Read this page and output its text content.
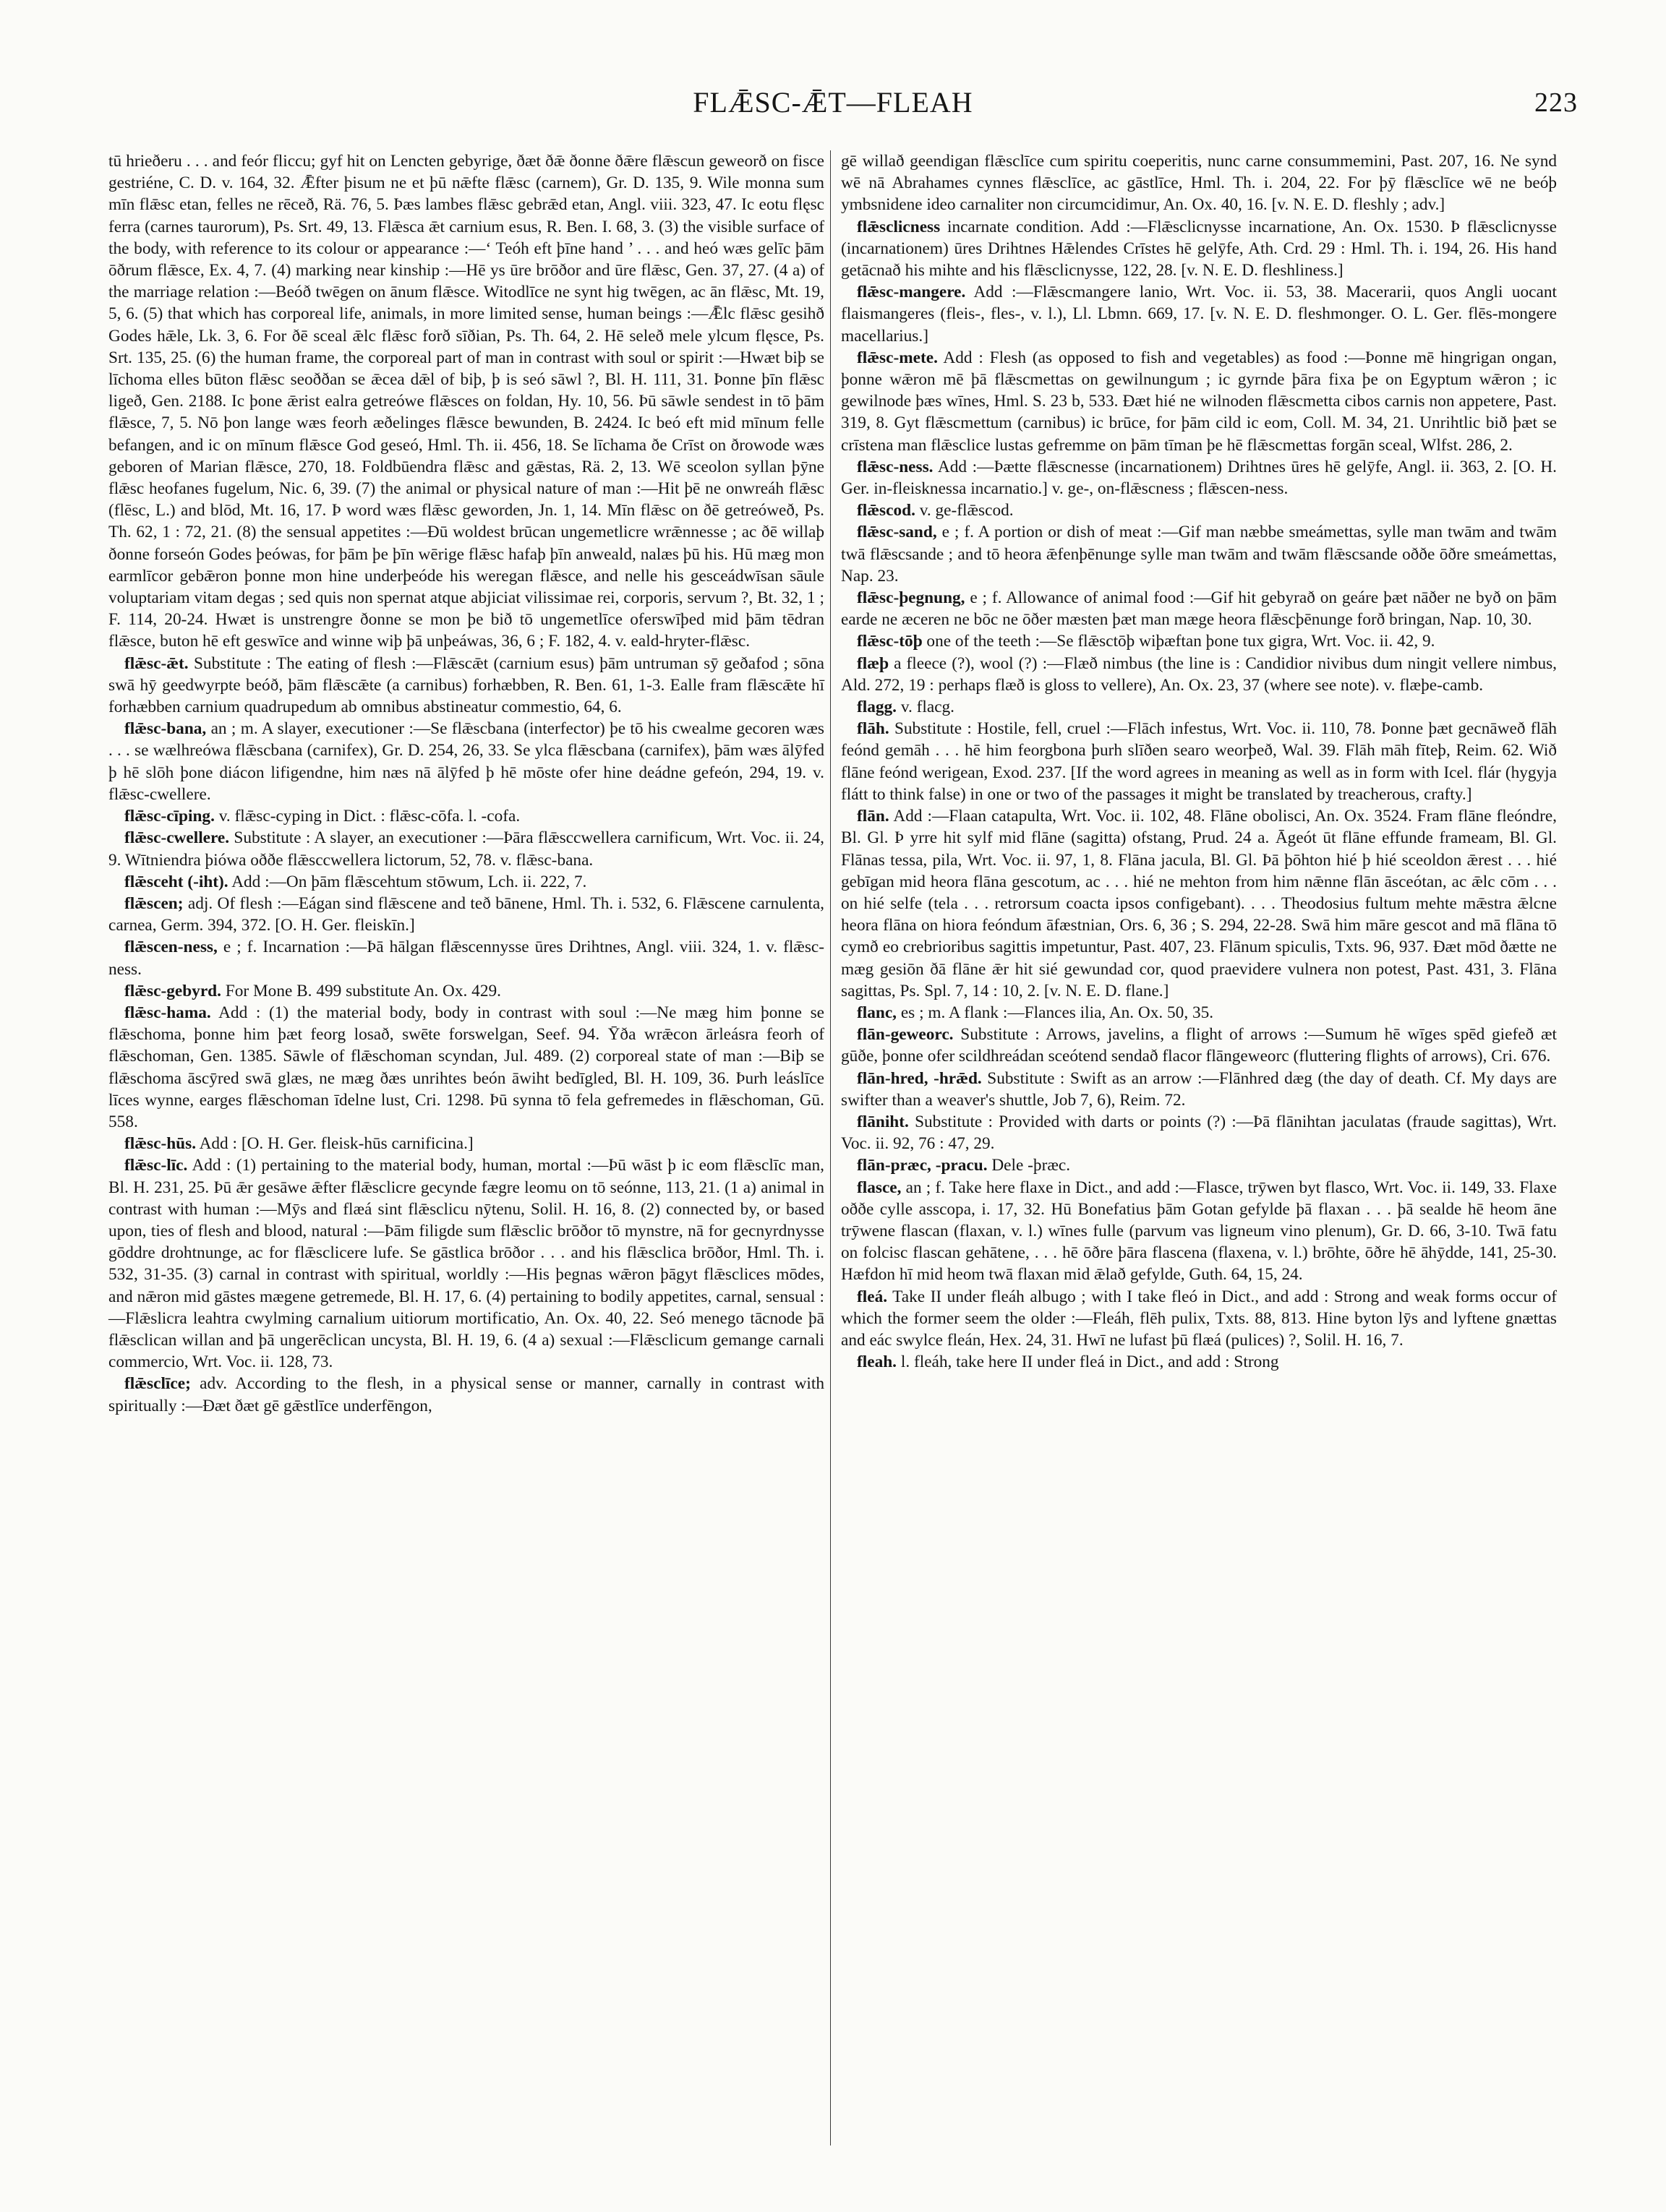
FLǢSC-ǢT—FLEAH	223

tū hrieðeru . . . and feór fliccu; gyf hit on Lencten gebyrige, ðæt ðǣ ðonne ðǣre flǣscun geweorð on fisce gestriéne, C. D. v. 164, 32. Ǣfter þisum ne et þū nǣfte flǣsc (carnem), Gr. D. 135, 9. Wile monna sum mīn flǣsc etan, felles ne rēceð, Rä. 76, 5. Þæs lambes flǣsc gebrǣd etan, Angl. viii. 323, 47. Ic eotu flęsc ferra (carnes taurorum), Ps. Srt. 49, 13. Flǣsca ǣt carnium esus, R. Ben. I. 68, 3. (3) the visible surface of the body, with reference to its colour or appearance :—‘ Teóh eft þīne hand ’ . . . and heó wæs gelīc þām ōðrum flǣsce, Ex. 4, 7. (4) marking near kinship :—Hē ys ūre brōðor and ūre flǣsc, Gen. 37, 27. (4 a) of the marriage relation :—Beóð twēgen on ānum flǣsce. Witodlīce ne synt hig twēgen, ac ān flǣsc, Mt. 19, 5, 6. (5) that which has corporeal life, animals, in more limited sense, human beings :—Ǣlc flǣsc gesihð Godes hǣle, Lk. 3, 6. For ðē sceal ǣlc flǣsc forð sīðian, Ps. Th. 64, 2. Hē seleð mele ylcum flęsce, Ps. Srt. 135, 25. (6) the human frame, the corporeal part of man in contrast with soul or spirit :—Hwæt biþ se līchoma elles būton flǣsc seoððan se ǣcea dǣl of biþ, þ is seó sāwl ?, Bl. H. 111, 31. Þonne þīn flǣsc ligeð, Gen. 2188. Ic þone ǣrist ealra getreówe flǣsces on foldan, Hy. 10, 56. Þū sāwle sendest in tō þām flǣsce, 7, 5. Nō þon lange wæs feorh æðelinges flǣsce bewunden, B. 2424. Ic beó eft mid mīnum felle befangen, and ic on mīnum flǣsce God geseó, Hml. Th. ii. 456, 18. Se līchama ðe Crīst on ðrowode wæs geboren of Marian flǣsce, 270, 18. Foldbūendra flǣsc and gǣstas, Rä. 2, 13. Wē sceolon syllan þȳne flǣsc heofanes fugelum, Nic. 6, 39. (7) the animal or physical nature of man :—Hit þē ne onwreáh flǣsc (flēsc, L.) and blōd, Mt. 16, 17. Þ word wæs flǣsc geworden, Jn. 1, 14. Mīn flǣsc on ðē getreóweð, Ps. Th. 62, 1 : 72, 21. (8) the sensual appetites :—Ðū woldest brūcan ungemetlicre wrǣnnesse ; ac ðē willaþ ðonne forseón Godes þeówas, for þām þe þīn wērige flǣsc hafaþ þīn anweald, nalæs þū his. Hū mæg mon earmlīcor gebǣron þonne mon hine underþeóde his weregan flǣsce, and nelle his gesceádwīsan sāule voluptariam vitam degas ; sed quis non spernat atque abjiciat vilissimae rei, corporis, servum ?, Bt. 32, 1 ; F. 114, 20-24. Hwæt is unstrengre ðonne se mon þe bið tō ungemetlīce oferswīþed mid þām tēdran flǣsce, buton hē eft geswīce and winne wiþ þā unþeáwas, 36, 6 ; F. 182, 4. v. eald-hryter-flǣsc.

flǣsc-ǣt. Substitute : The eating of flesh :—Flǣscǣt (carnium esus) þām untruman sȳ geðafod ; sōna swā hȳ geedwyrpte beóð, þām flǣscǣte (a carnibus) forhæbben, R. Ben. 61, 1-3. Ealle fram flǣscǣte hī forhæbben carnium quadrupedum ab omnibus abstineatur commestio, 64, 6.

flǣsc-bana, an ; m. A slayer, executioner :—Se flǣscbana (interfector) þe tō his cwealme gecoren wæs . . . se wælhreówa flǣscbana (carnifex), Gr. D. 254, 26, 33. Se ylca flǣscbana (carnifex), þām wæs ālȳfed þ hē slōh þone diácon lifigendne, him næs nā ālȳfed þ hē mōste ofer hine deádne gefeón, 294, 19. v. flǣsc-cwellere.

flǣsc-cīping. v. flǣsc-cyping in Dict. : flǣsc-cōfa. l. -cofa.

flǣsc-cwellere. Substitute : A slayer, an executioner :—Þāra flǣsccwellera carnificum, Wrt. Voc. ii. 24, 9. Wītniendra þiówa oððe flǣsccwellera lictorum, 52, 78. v. flǣsc-bana.

flǣsceht (-iht). Add :—On þām flǣscehtum stōwum, Lch. ii. 222, 7.

flǣscen; adj. Of flesh :—Eágan sind flǣscene and teð bānene, Hml. Th. i. 532, 6. Flǣscene carnulenta, carnea, Germ. 394, 372. [O. H. Ger. fleiskīn.]

flǣscen-ness, e ; f. Incarnation :—Þā hālgan flǣscennysse ūres Drihtnes, Angl. viii. 324, 1. v. flǣsc-ness.

flǣsc-gebyrd. For Mone B. 499 substitute An. Ox. 429.

flǣsc-hama. Add : (1) the material body, body in contrast with soul :—Ne mæg him þonne se flǣschoma, þonne him þæt feorg losað, swēte forswelgan, Seef. 94. Ȳða wrǣcon ārleásra feorh of flǣschoman, Gen. 1385. Sāwle of flǣschoman scyndan, Jul. 489. (2) corporeal state of man :—Biþ se flǣschoma āscȳred swā glæs, ne mæg ðæs unrihtes beón āwiht bedīgled, Bl. H. 109, 36. Þurh leáslīce līces wynne, earges flǣschoman īdelne lust, Cri. 1298. Þū synna tō fela gefremedes in flǣschoman, Gū. 558.

flǣsc-hūs. Add : [O. H. Ger. fleisk-hūs carnificina.]

flǣsc-līc. Add : (1) pertaining to the material body, human, mortal :—Þū wāst þ ic eom flǣsclīc man, Bl. H. 231, 25. Þū ǣr gesāwe ǣfter flǣsclicre gecynde fægre leomu on tō seónne, 113, 21. (1 a) animal in contrast with human :—Mȳs and flæá sint flǣsclicu nȳtenu, Solil. H. 16, 8. (2) connected by, or based upon, ties of flesh and blood, natural :—Þām filigde sum flǣsclic brōðor tō mynstre, nā for gecnyrdnysse gōddre drohtnunge, ac for flǣsclicere lufe. Se gāstlica brōðor . . . and his flǣsclica brōðor, Hml. Th. i. 532, 31-35. (3) carnal in contrast with spiritual, worldly :—His þegnas wǣron þāgyt flǣsclices mōdes, and nǣron mid gāstes mægene getremede, Bl. H. 17, 6. (4) pertaining to bodily appetites, carnal, sensual :—Flǣslicra leahtra cwylming carnalium uitiorum mortificatio, An. Ox. 40, 22. Seó menego tācnode þā flǣsclican willan and þā ungerēclican uncysta, Bl. H. 19, 6. (4 a) sexual :—Flǣsclicum gemange carnali commercio, Wrt. Voc. ii. 128, 73.

flǣsclīce; adv. According to the flesh, in a physical sense or manner, carnally in contrast with spiritually :—Ðæt ðæt gē gǣstlīce underfēngon,

gē willað geendigan flǣsclīce cum spiritu coeperitis, nunc carne consummemini, Past. 207, 16. Ne synd wē nā Abrahames cynnes flǣsclīce, ac gāstlīce, Hml. Th. i. 204, 22. For þȳ flǣsclīce wē ne beóþ ymbsnidene ideo carnaliter non circumcidimur, An. Ox. 40, 16. [v. N. E. D. fleshly ; adv.]

flǣsclicness incarnate condition. Add :—Flǣsclicnysse incarnatione, An. Ox. 1530. Þ flǣsclicnysse (incarnationem) ūres Drihtnes Hǣlendes Crīstes hē gelȳfe, Ath. Crd. 29 : Hml. Th. i. 194, 26. His hand getācnað his mihte and his flǣsclicnysse, 122, 28. [v. N. E. D. fleshliness.]

flǣsc-mangere. Add :—Flǣscmangere lanio, Wrt. Voc. ii. 53, 38. Macerarii, quos Angli uocant flaismangeres (fleis-, fles-, v. l.), Ll. Lbmn. 669, 17. [v. N. E. D. fleshmonger. O. L. Ger. flēs-mongere macellarius.]

flǣsc-mete. Add : Flesh (as opposed to fish and vegetables) as food :—Þonne mē hingrigan ongan, þonne wǣron mē þā flǣscmettas on gewilnungum ; ic gyrnde þāra fixa þe on Egyptum wǣron ; ic gewilnode þæs wīnes, Hml. S. 23 b, 533. Ðæt hié ne wilnoden flǣscmetta cibos carnis non appetere, Past. 319, 8. Gyt flǣscmettum (carnibus) ic brūce, for þām cild ic eom, Coll. M. 34, 21. Unrihtlic bið þæt se crīstena man flǣsclice lustas gefremme on þām tīman þe hē flǣscmettas forgān sceal, Wlfst. 286, 2.

flǣsc-ness. Add :—Þætte flǣscnesse (incarnationem) Drihtnes ūres hē gelȳfe, Angl. ii. 363, 2. [O. H. Ger. in-fleisknessa incarnatio.] v. ge-, on-flǣscness ; flǣscen-ness.

flǣscod. v. ge-flǣscod.

flǣsc-sand, e ; f. A portion or dish of meat :—Gif man næbbe smeámettas, sylle man twām and twām twā flǣscsande ; and tō heora ǣfenþēnunge sylle man twām and twām flǣscsande oððe ōðre smeámettas, Nap. 23.

flǣsc-þegnung, e ; f. Allowance of animal food :—Gif hit gebyrað on geáre þæt nāðer ne byð on þām earde ne æceren ne bōc ne ōðer mæsten þæt man mæge heora flǣscþēnunge forð bringan, Nap. 10, 30.

flǣsc-tōþ one of the teeth :—Se flǣsctōþ wiþæftan þone tux gigra, Wrt. Voc. ii. 42, 9.

flæþ a fleece (?), wool (?) :—Flæð nimbus (the line is : Candidior nivibus dum ningit vellere nimbus, Ald. 272, 19 : perhaps flæð is gloss to vellere), An. Ox. 23, 37 (where see note). v. flæþe-camb.

flagg. v. flacg.

flāh. Substitute : Hostile, fell, cruel :—Flāch infestus, Wrt. Voc. ii. 110, 78. Þonne þæt gecnāweð flāh feónd gemāh . . . hē him feorgbona þurh slīðen searo weorþeð, Wal. 39. Flāh māh fīteþ, Reim. 62. Wið flāne feónd werigean, Exod. 237. [If the word agrees in meaning as well as in form with Icel. flár (hygyja flátt to think false) in one or two of the passages it might be translated by treacherous, crafty.]

flān. Add :—Flaan catapulta, Wrt. Voc. ii. 102, 48. Flāne obolisci, An. Ox. 3524. Fram flāne fleóndre, Bl. Gl. Þ yrre hit sylf mid flāne (sagitta) ofstang, Prud. 24 a. Āgeót ūt flāne effunde frameam, Bl. Gl. Flānas tessa, pila, Wrt. Voc. ii. 97, 1, 8. Flāna jacula, Bl. Gl. Þā þōhton hié þ hié sceoldon ǣrest . . . hié gebīgan mid heora flāna gescotum, ac . . . hié ne mehton from him nǣnne flān āsceótan, ac ǣlc cōm . . . on hié selfe (tela . . . retrorsum coacta ipsos configebant). . . . Theodosius fultum mehte mǣstra ǣlcne heora flāna on hiora feóndum āfæstnian, Ors. 6, 36 ; S. 294, 22-28. Swā him māre gescot and mā flāna tō cymð eo crebrioribus sagittis impetuntur, Past. 407, 23. Flānum spiculis, Txts. 96, 937. Ðæt mōd ðætte ne mæg gesiōn ðā flāne ǣr hit sié gewundad cor, quod praevidere vulnera non potest, Past. 431, 3. Flāna sagittas, Ps. Spl. 7, 14 : 10, 2. [v. N. E. D. flane.]

flanc, es ; m. A flank :—Flances ilia, An. Ox. 50, 35.

flān-geweorc. Substitute : Arrows, javelins, a flight of arrows :—Sumum hē wīges spēd giefeð æt gūðe, þonne ofer scildhreádan sceótend sendað flacor flāngeweorc (fluttering flights of arrows), Cri. 676.

flān-hred, -hrǣd. Substitute : Swift as an arrow :—Flānhred dæg (the day of death. Cf. My days are swifter than a weaver's shuttle, Job 7, 6), Reim. 72.

flāniht. Substitute : Provided with darts or points (?) :—Þā flānihtan jaculatas (fraude sagittas), Wrt. Voc. ii. 92, 76 : 47, 29.

flān-præc, -pracu. Dele -þræc.

flasce, an ; f. Take here flaxe in Dict., and add :—Flasce, trȳwen byt flasco, Wrt. Voc. ii. 149, 33. Flaxe oððe cylle asscopa, i. 17, 32. Hū Bonefatius þām Gotan gefylde þā flaxan . . . þā sealde hē heom āne trȳwene flascan (flaxan, v. l.) wīnes fulle (parvum vas ligneum vino plenum), Gr. D. 66, 3-10. Twā fatu on folcisc flascan gehātene, . . . hē ōðre þāra flascena (flaxena, v. l.) brōhte, ōðre hē āhȳdde, 141, 25-30. Hæfdon hī mid heom twā flaxan mid ǣlað gefylde, Guth. 64, 15, 24.

fleá. Take II under fleáh albugo ; with I take fleó in Dict., and add : Strong and weak forms occur of which the former seem the older :—Fleáh, flēh pulix, Txts. 88, 813. Hine byton lȳs and lyftene gnættas and eác swylce fleán, Hex. 24, 31. Hwī ne lufast þū flæá (pulices) ?, Solil. H. 16, 7.

fleah. l. fleáh, take here II under fleá in Dict., and add : Strong
